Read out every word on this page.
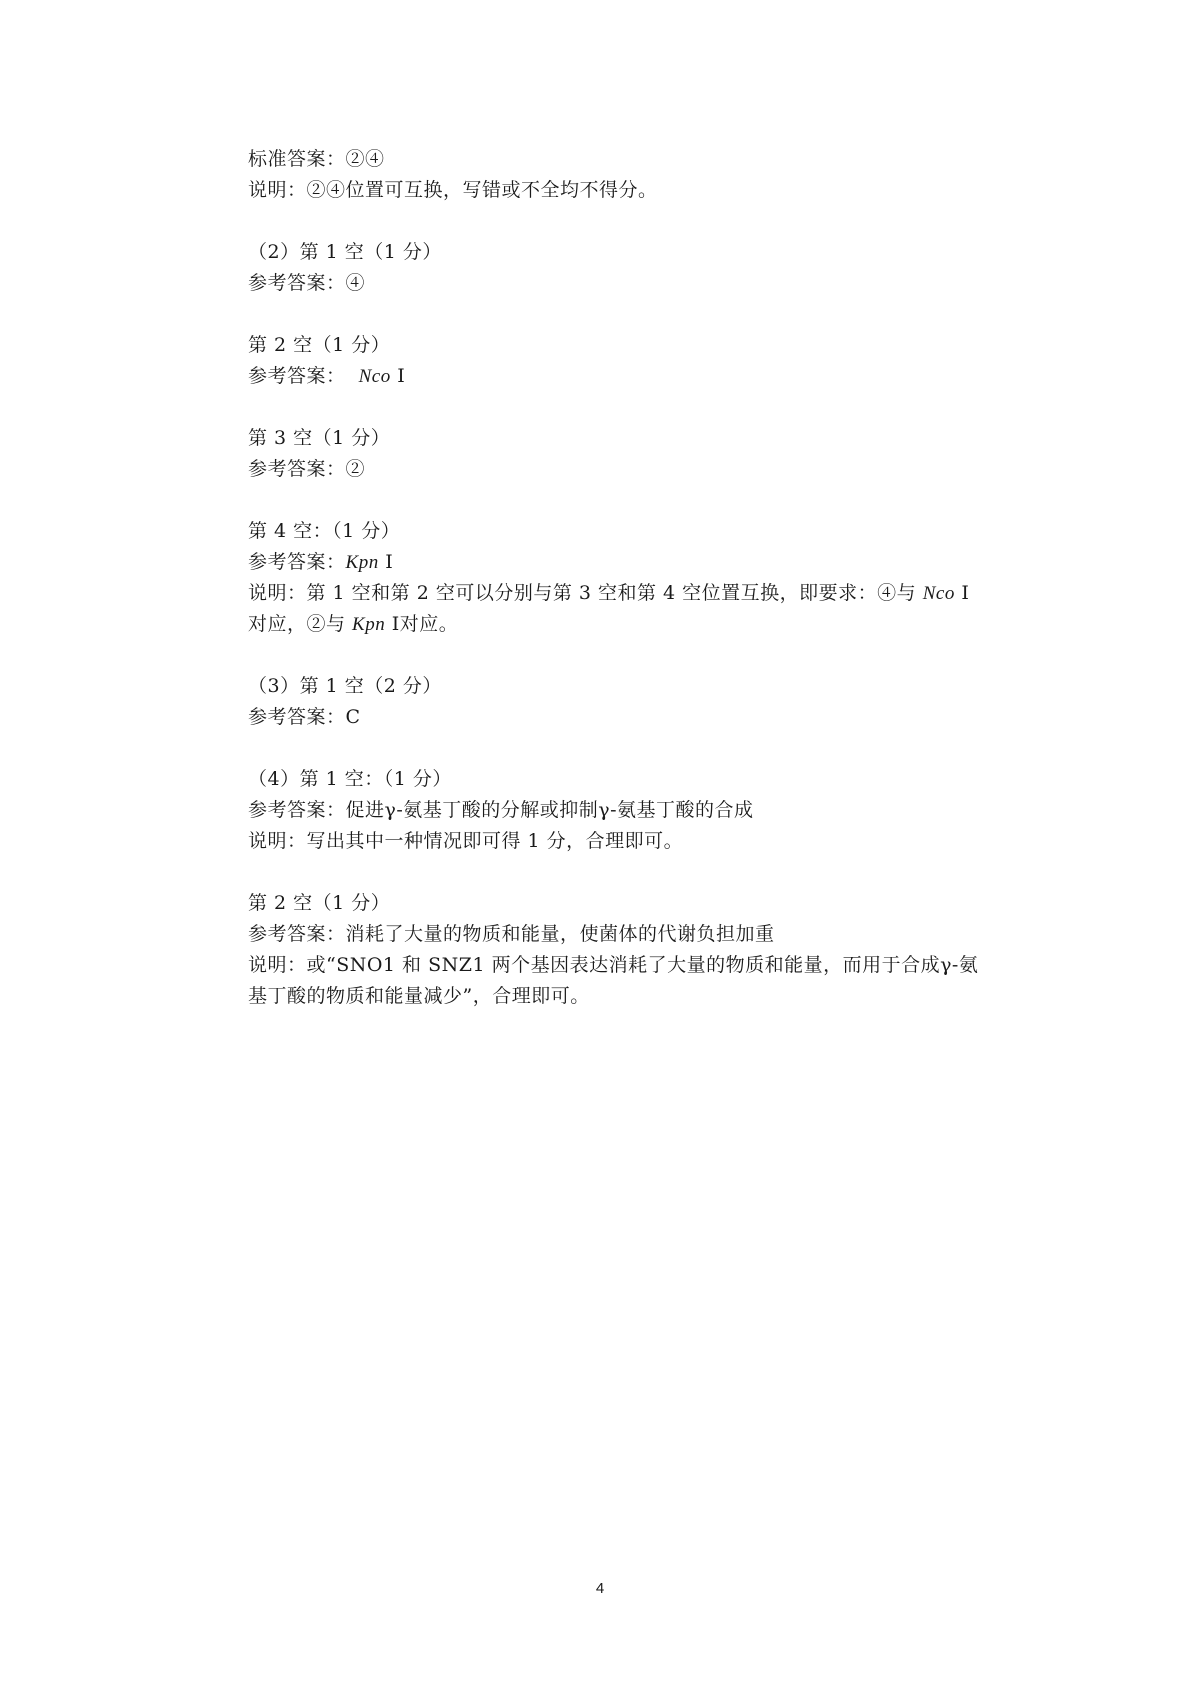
标准答案：②④
说明：②④位置可互换，写错或不全均不得分。
（2）第 1 空（1 分）
参考答案：④
第 2 空（1 分）
参考答案： Nco Ⅰ
第 3 空（1 分）
参考答案：②
第 4 空：（1 分）
参考答案：Kpn Ⅰ
说明：第 1 空和第 2 空可以分别与第 3 空和第 4 空位置互换，即要求：④与 Nco Ⅰ
对应，②与 Kpn Ⅰ对应。
（3）第 1 空（2 分）
参考答案：C
（4）第 1 空：（1 分）
参考答案：促进γ-氨基丁酸的分解或抑制γ-氨基丁酸的合成
说明：写出其中一种情况即可得 1 分，合理即可。
第 2 空（1 分）
参考答案：消耗了大量的物质和能量，使菌体的代谢负担加重
说明：或“SNO1 和 SNZ1 两个基因表达消耗了大量的物质和能量，而用于合成γ-氨
基丁酸的物质和能量减少”，合理即可。
4
